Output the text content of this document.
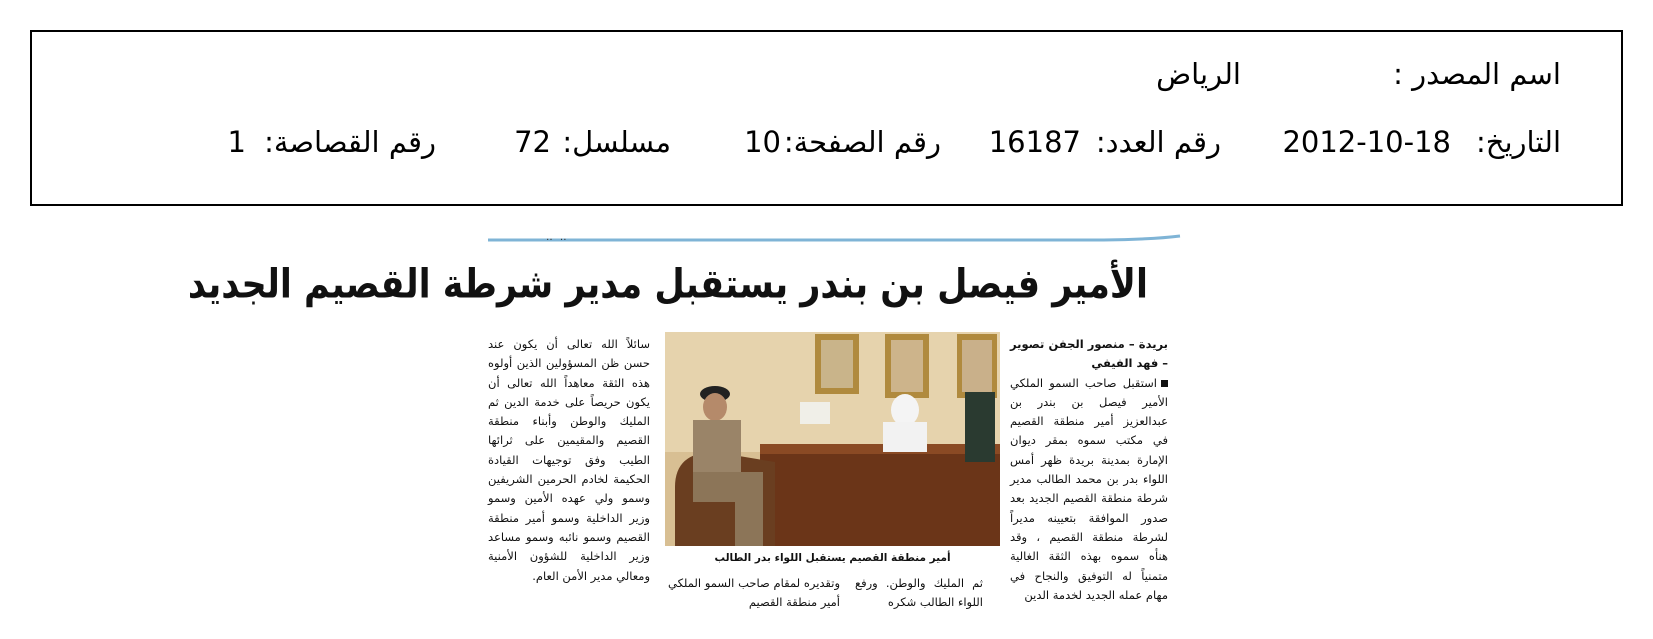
اسم المصدر :
الرياض
التاريخ:
2012-10-18
رقم العدد:
16187
رقم الصفحة:
10
مسلسل:
72
رقم القصاصة:
1
‥ ‥
الأمير فيصل بن بندر يستقبل مدير شرطة القصيم الجديد
بريدة – منصور الجفن تصوير – فهد الفيفي
استقبل صاحب السمو الملكي الأمير فيصل بن بندر بن عبدالعزيز أمير منطقة القصيم في مكتب سموه بمقر ديوان الإمارة بمدينة بريدة ظهر أمس اللواء بدر بن محمد الطالب مدير شرطة منطقة القصيم الجديد بعد صدور الموافقة بتعيينه مديراً لشرطة منطقة القصيم ، وقد هنأه سموه بهذه الثقة الغالية متمنياً له التوفيق والنجاح في مهام عمله الجديد لخدمة الدين
أمير منطقة القصيم يستقبل اللواء بدر الطالب
سائلاً الله تعالى أن يكون عند حسن ظن المسؤولين الذين أولوه هذه الثقة معاهداً الله تعالى أن يكون حريصاً على خدمة الدين ثم المليك والوطن وأبناء منطقة القصيم والمقيمين على ثرائها الطيب وفق توجيهات القيادة الحكيمة لخادم الحرمين الشريفين وسمو ولي عهده الأمين وسمو وزير الداخلية وسمو أمير منطقة القصيم وسمو نائبه وسمو مساعد وزير الداخلية للشؤون الأمنية ومعالي مدير الأمن العام.
ثم المليك والوطن. ورفع اللواء الطالب شكره
وتقديره لمقام صاحب السمو الملكي أمير منطقة القصيم
